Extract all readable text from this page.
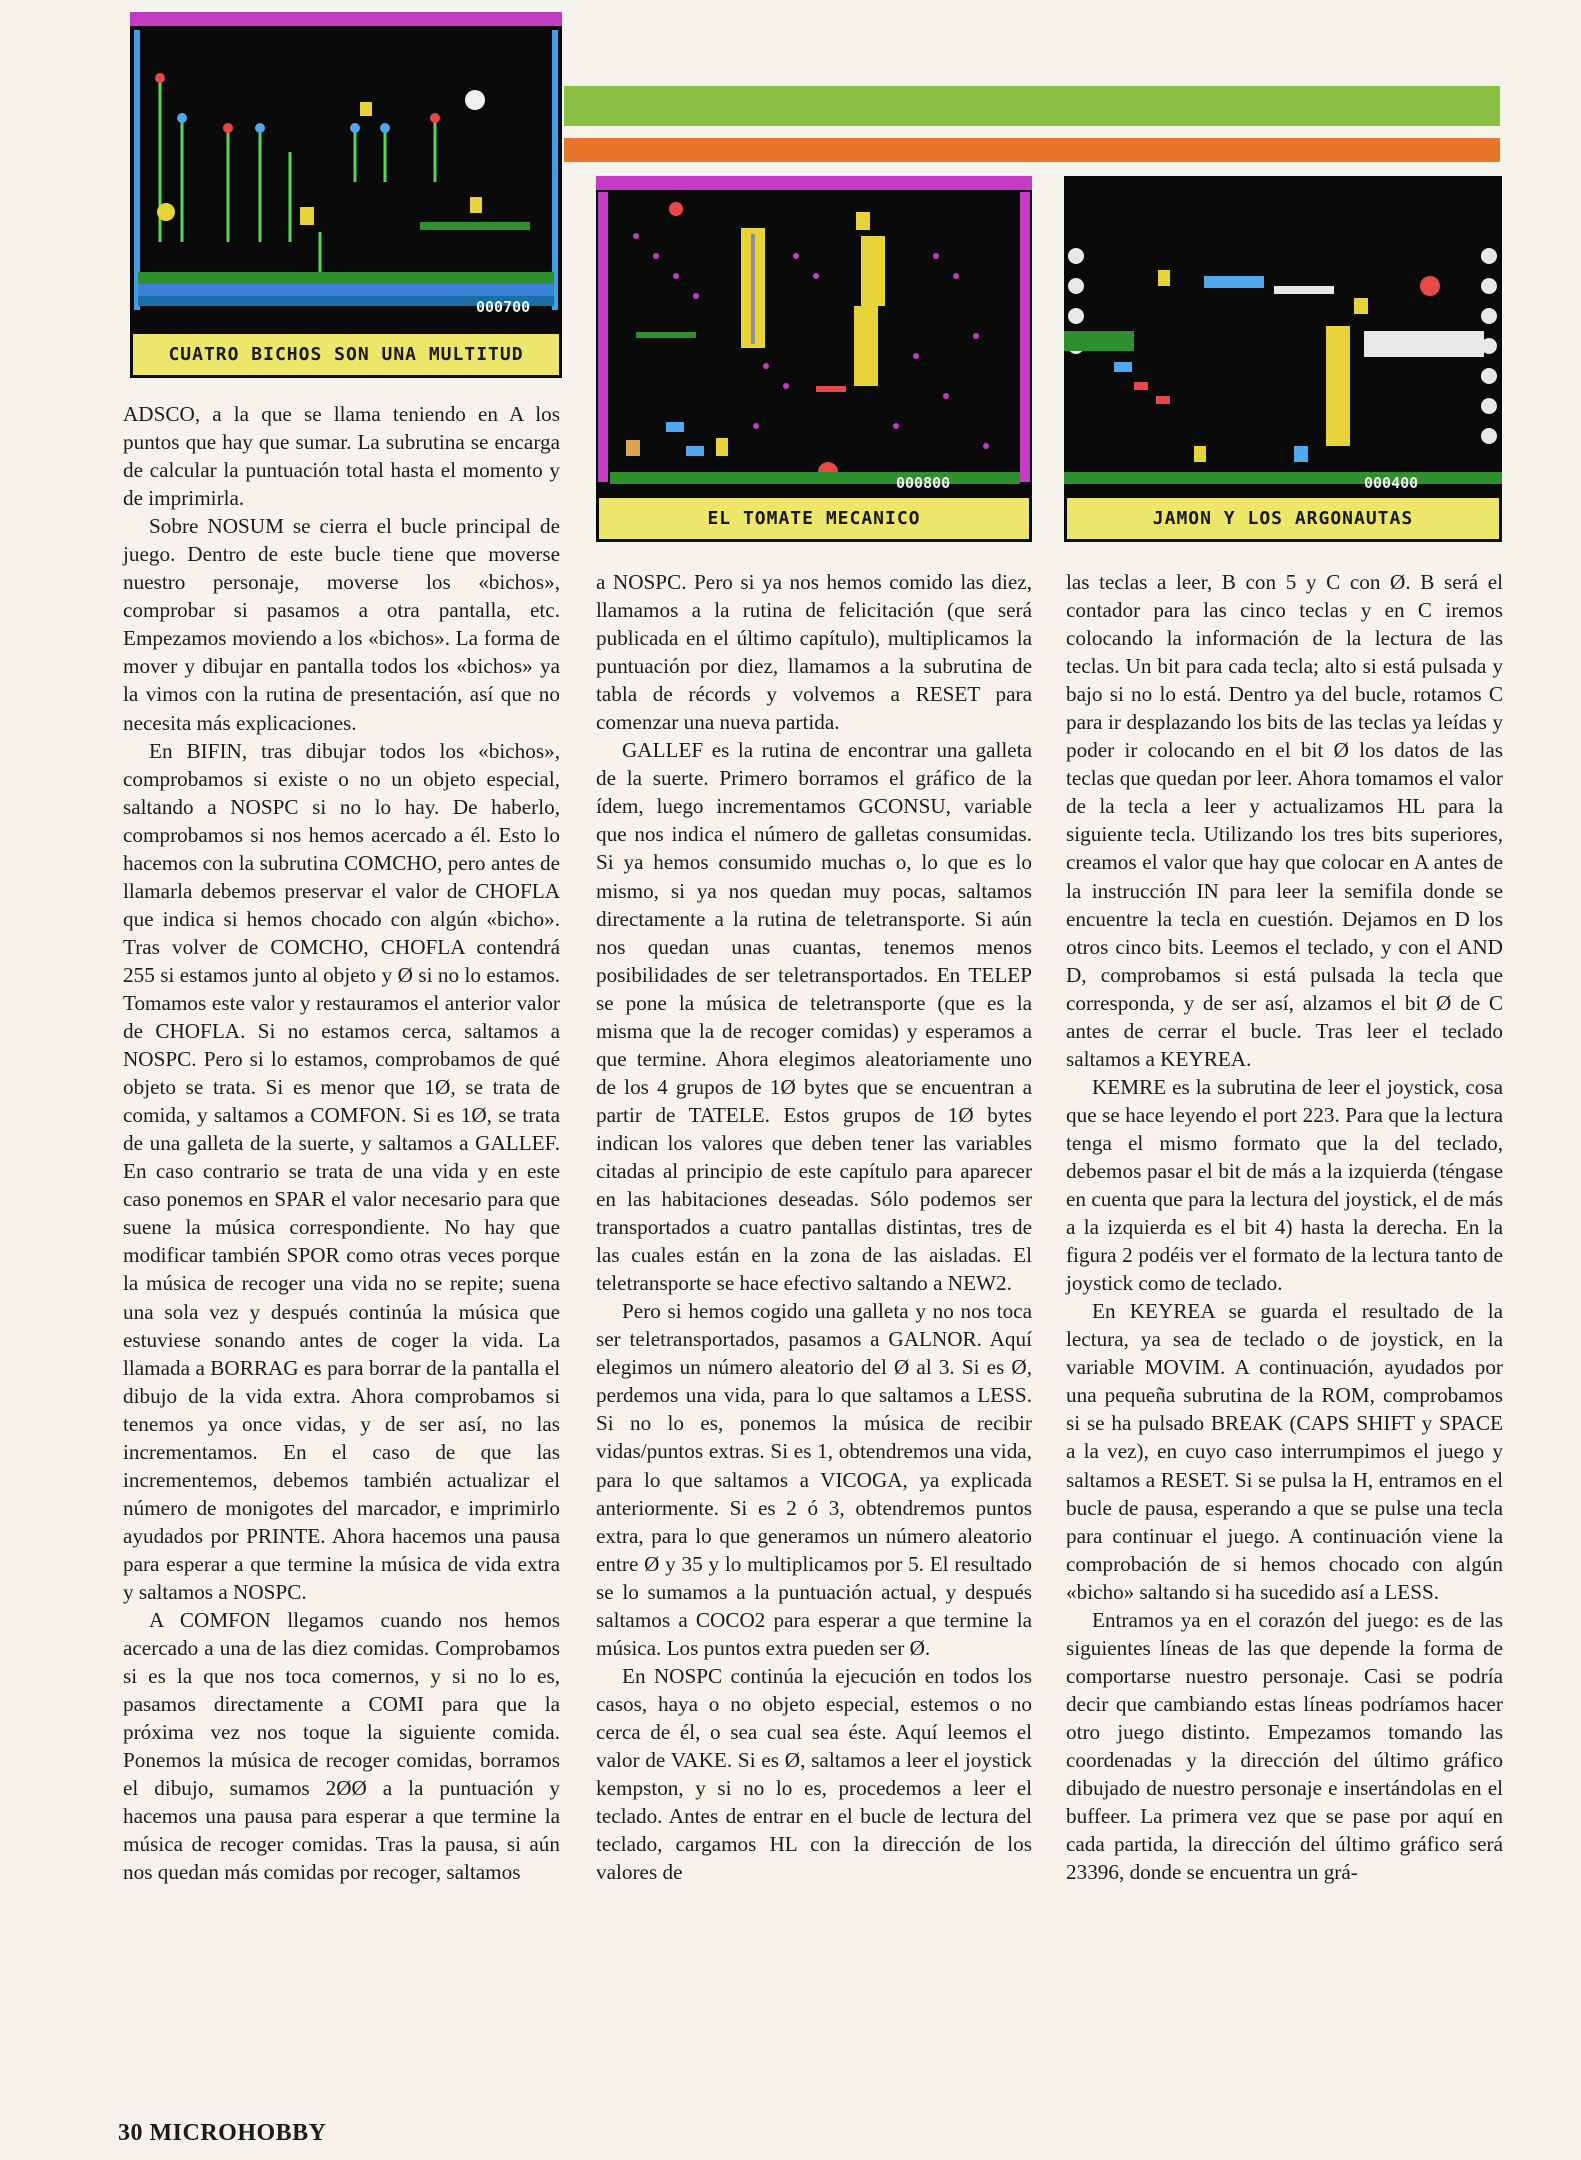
000700
CUATRO BICHOS SON UNA MULTITUD
000800
EL TOMATE MECANICO
000400
JAMON Y LOS ARGONAUTAS

ADSCO, a la que se llama teniendo en A los puntos que hay que sumar. La subrutina se encarga de calcular la puntuación total hasta el momento y de imprimirla.

Sobre NOSUM se cierra el bucle principal de juego. Dentro de este bucle tiene que moverse nuestro personaje, moverse los «bichos», comprobar si pasamos a otra pantalla, etc. Empezamos moviendo a los «bichos». La forma de mover y dibujar en pantalla todos los «bichos» ya la vimos con la rutina de presentación, así que no necesita más explicaciones.

En BIFIN, tras dibujar todos los «bichos», comprobamos si existe o no un objeto especial, saltando a NOSPC si no lo hay. De haberlo, comprobamos si nos hemos acercado a él. Esto lo hacemos con la subrutina COMCHO, pero antes de llamarla debemos preservar el valor de CHOFLA que indica si hemos chocado con algún «bicho». Tras volver de COMCHO, CHOFLA contendrá 255 si estamos junto al objeto y Ø si no lo estamos. Tomamos este valor y restauramos el anterior valor de CHOFLA. Si no estamos cerca, saltamos a NOSPC. Pero si lo estamos, comprobamos de qué objeto se trata. Si es menor que 1Ø, se trata de comida, y saltamos a COMFON. Si es 1Ø, se trata de una galleta de la suerte, y saltamos a GALLEF. En caso contrario se trata de una vida y en este caso ponemos en SPAR el valor necesario para que suene la música correspondiente. No hay que modificar también SPOR como otras veces porque la música de recoger una vida no se repite; suena una sola vez y después continúa la música que estuviese sonando antes de coger la vida. La llamada a BORRAG es para borrar de la pantalla el dibujo de la vida extra. Ahora comprobamos si tenemos ya once vidas, y de ser así, no las incrementamos. En el caso de que las incrementemos, debemos también actualizar el número de monigotes del marcador, e imprimirlo ayudados por PRINTE. Ahora hacemos una pausa para esperar a que termine la música de vida extra y saltamos a NOSPC.

A COMFON llegamos cuando nos hemos acercado a una de las diez comidas. Comprobamos si es la que nos toca comernos, y si no lo es, pasamos directamente a COMI para que la próxima vez nos toque la siguiente comida. Ponemos la música de recoger comidas, borramos el dibujo, sumamos 2ØØ a la puntuación y hacemos una pausa para esperar a que termine la música de recoger comidas. Tras la pausa, si aún nos quedan más comidas por recoger, saltamos

a NOSPC. Pero si ya nos hemos comido las diez, llamamos a la rutina de felicitación (que será publicada en el último capítulo), multiplicamos la puntuación por diez, llamamos a la subrutina de tabla de récords y volvemos a RESET para comenzar una nueva partida.

GALLEF es la rutina de encontrar una galleta de la suerte. Primero borramos el gráfico de la ídem, luego incrementamos GCONSU, variable que nos indica el número de galletas consumidas. Si ya hemos consumido muchas o, lo que es lo mismo, si ya nos quedan muy pocas, saltamos directamente a la rutina de teletransporte. Si aún nos quedan unas cuantas, tenemos menos posibilidades de ser teletransportados. En TELEP se pone la música de teletransporte (que es la misma que la de recoger comidas) y esperamos a que termine. Ahora elegimos aleatoriamente uno de los 4 grupos de 1Ø bytes que se encuentran a partir de TATELE. Estos grupos de 1Ø bytes indican los valores que deben tener las variables citadas al principio de este capítulo para aparecer en las habitaciones deseadas. Sólo podemos ser transportados a cuatro pantallas distintas, tres de las cuales están en la zona de las aisladas. El teletransporte se hace efectivo saltando a NEW2.

Pero si hemos cogido una galleta y no nos toca ser teletransportados, pasamos a GALNOR. Aquí elegimos un número aleatorio del Ø al 3. Si es Ø, perdemos una vida, para lo que saltamos a LESS. Si no lo es, ponemos la música de recibir vidas/puntos extras. Si es 1, obtendremos una vida, para lo que saltamos a VICOGA, ya explicada anteriormente. Si es 2 ó 3, obtendremos puntos extra, para lo que generamos un número aleatorio entre Ø y 35 y lo multiplicamos por 5. El resultado se lo sumamos a la puntuación actual, y después saltamos a COCO2 para esperar a que termine la música. Los puntos extra pueden ser Ø.

En NOSPC continúa la ejecución en todos los casos, haya o no objeto especial, estemos o no cerca de él, o sea cual sea éste. Aquí leemos el valor de VAKE. Si es Ø, saltamos a leer el joystick kempston, y si no lo es, procedemos a leer el teclado. Antes de entrar en el bucle de lectura del teclado, cargamos HL con la dirección de los valores de

las teclas a leer, B con 5 y C con Ø. B será el contador para las cinco teclas y en C iremos colocando la información de la lectura de las teclas. Un bit para cada tecla; alto si está pulsada y bajo si no lo está. Dentro ya del bucle, rotamos C para ir desplazando los bits de las teclas ya leídas y poder ir colocando en el bit Ø los datos de las teclas que quedan por leer. Ahora tomamos el valor de la tecla a leer y actualizamos HL para la siguiente tecla. Utilizando los tres bits superiores, creamos el valor que hay que colocar en A antes de la instrucción IN para leer la semifila donde se encuentre la tecla en cuestión. Dejamos en D los otros cinco bits. Leemos el teclado, y con el AND D, comprobamos si está pulsada la tecla que corresponda, y de ser así, alzamos el bit Ø de C antes de cerrar el bucle. Tras leer el teclado saltamos a KEYREA.

KEMRE es la subrutina de leer el joystick, cosa que se hace leyendo el port 223. Para que la lectura tenga el mismo formato que la del teclado, debemos pasar el bit de más a la izquierda (téngase en cuenta que para la lectura del joystick, el de más a la izquierda es el bit 4) hasta la derecha. En la figura 2 podéis ver el formato de la lectura tanto de joystick como de teclado.

En KEYREA se guarda el resultado de la lectura, ya sea de teclado o de joystick, en la variable MOVIM. A continuación, ayudados por una pequeña subrutina de la ROM, comprobamos si se ha pulsado BREAK (CAPS SHIFT y SPACE a la vez), en cuyo caso interrumpimos el juego y saltamos a RESET. Si se pulsa la H, entramos en el bucle de pausa, esperando a que se pulse una tecla para continuar el juego. A continuación viene la comprobación de si hemos chocado con algún «bicho» saltando si ha sucedido así a LESS.

Entramos ya en el corazón del juego: es de las siguientes líneas de las que depende la forma de comportarse nuestro personaje. Casi se podría decir que cambiando estas líneas podríamos hacer otro juego distinto. Empezamos tomando las coordenadas y la dirección del último gráfico dibujado de nuestro personaje e insertándolas en el buffeer. La primera vez que se pase por aquí en cada partida, la dirección del último gráfico será 23396, donde se encuentra un grá-

30 MICROHOBBY
